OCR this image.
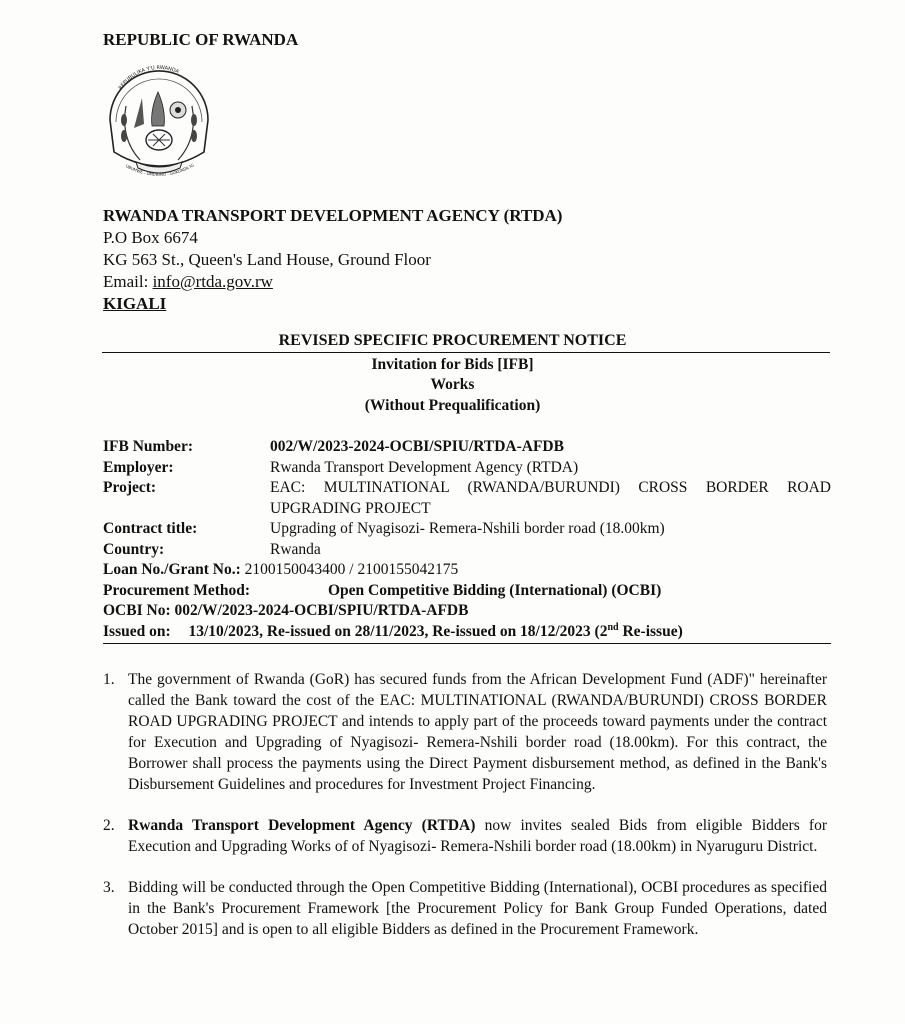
REPUBLIC OF RWANDA
REPUBULIKA Y'U RWANDA
UBUMWE - UMURIMO - GUKUNDA IG
RWANDA TRANSPORT DEVELOPMENT AGENCY (RTDA)
P.O Box 6674
KG 563 St., Queen's Land House, Ground Floor
Email: info@rtda.gov.rw
KIGALI
REVISED SPECIFIC PROCUREMENT NOTICE
Invitation for Bids [IFB]
Works
(Without Prequalification)
IFB Number:	002/W/2023-2024-OCBI/SPIU/RTDA-AFDB
Employer:	Rwanda Transport Development Agency (RTDA)
Project:	EAC: MULTINATIONAL (RWANDA/BURUNDI) CROSS BORDER ROAD UPGRADING PROJECT
Contract title:	Upgrading of Nyagisozi- Remera-Nshili border road (18.00km)
Country:	Rwanda
Loan No./Grant No.: 2100150043400 / 2100155042175
Procurement Method:	Open Competitive Bidding (International) (OCBI)
OCBI No: 002/W/2023-2024-OCBI/SPIU/RTDA-AFDB
Issued on: 13/10/2023, Re-issued on 28/11/2023, Re-issued on 18/12/2023 (2nd Re-issue)
1. The government of Rwanda (GoR) has secured funds from the African Development Fund (ADF)" hereinafter called the Bank toward the cost of the EAC: MULTINATIONAL (RWANDA/BURUNDI) CROSS BORDER ROAD UPGRADING PROJECT and intends to apply part of the proceeds toward payments under the contract for Execution and Upgrading of Nyagisozi- Remera-Nshili border road (18.00km). For this contract, the Borrower shall process the payments using the Direct Payment disbursement method, as defined in the Bank's Disbursement Guidelines and procedures for Investment Project Financing.
2. Rwanda Transport Development Agency (RTDA) now invites sealed Bids from eligible Bidders for Execution and Upgrading Works of of Nyagisozi- Remera-Nshili border road (18.00km) in Nyaruguru District.
3. Bidding will be conducted through the Open Competitive Bidding (International), OCBI procedures as specified in the Bank's Procurement Framework [the Procurement Policy for Bank Group Funded Operations, dated October 2015] and is open to all eligible Bidders as defined in the Procurement Framework.
